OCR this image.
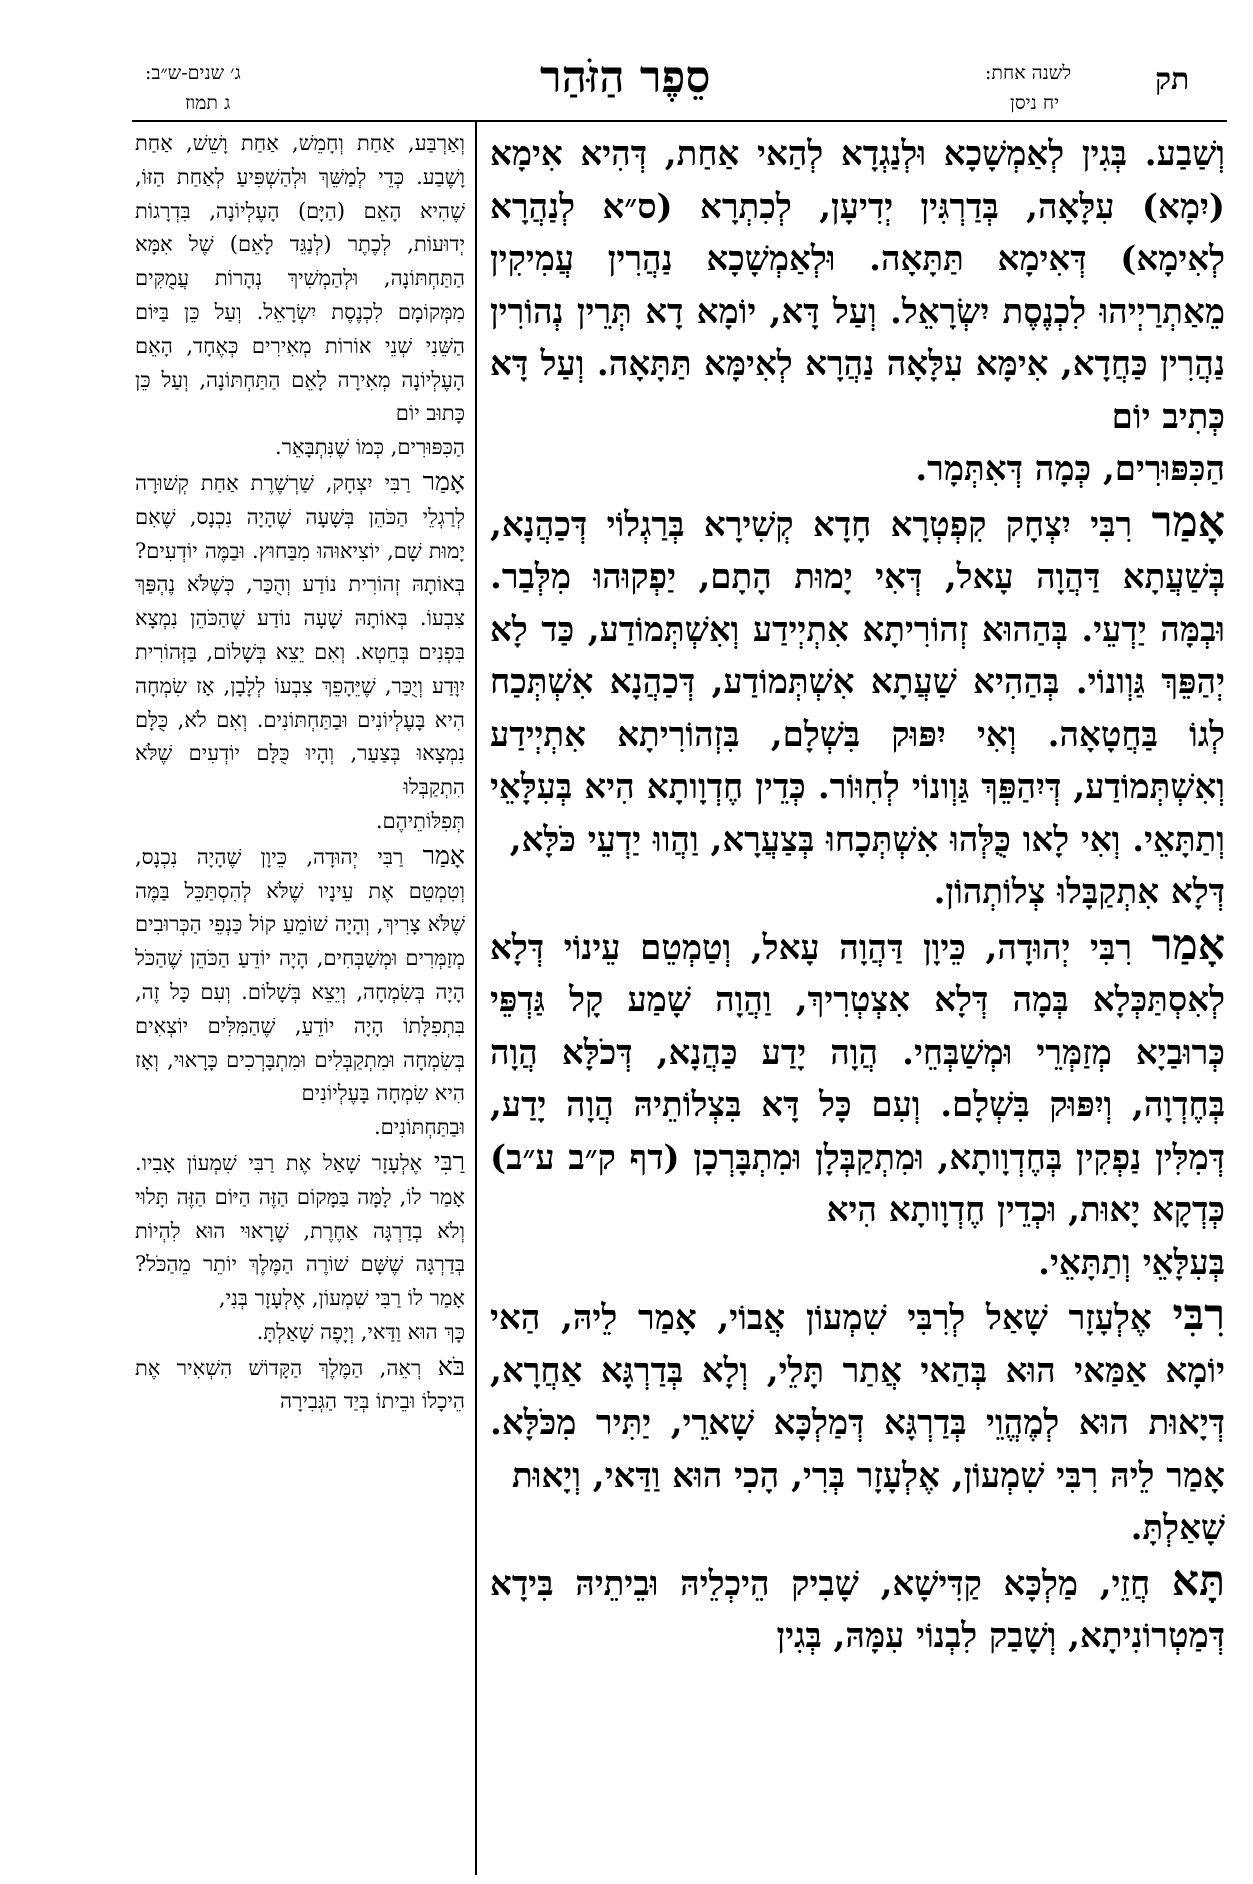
ג׳ שנים-ש״ב:
ג תמוז	סֵפֶר הַזֹּהַר	לשנה אחת:
יח ניסן
תק

וְשַׁבַע. בְּגִין לְאַמְשָׁכָא וּלְנַגְדָא לְהַאי אַחַת, דְּהִיא אִימָא (יִמָא) עִלָּאָה, בְּדַרְגִּין יְדִיעָן, לְכִתְרָא (ס״א לְנַהֲרָא לְאִימָא) דְּאִימָא תַּתָּאָה. וּלְאַמְשָׁכָא נַהֲרִין עֲמִיקִין מֵאַתְרַיְיהוּ לִכְנֶסֶת יִשְׂרָאֵל. וְעַל דָּא, יוֹמָא דָא תְּרֵין נְהוֹרִין נַהֲרִין כַּחֲדָא, אִימָּא עִלָּאָה נַהֲרָא לְאִימָּא תַּתָּאָה. וְעַל דָּא כְּתִיב יוֹם
הַכִּפּוּרִים, כְּמָה דְּאִתְּמָר.

אָמַר רִבִּי יִצְחָק קִפְטְרָא חָדָא קְשִׁירָא בְּרַגְלוֹי דְּכַהֲנָא, בְּשַׁעֲתָא דַּהֲוָה עָאל, דְּאִי יָמוּת הָתָם, יַפְקוּהוּ מִלְּבַר. וּבְמָּה יַדְעֵי. בְּהַהוּא זְהוֹרִיתָא אִתְיְידַע וְאִשְׁתְּמוֹדַע, כַּד לָא יְהַפֵּךְ גַּוְונוֹי. בְּהַהִיא שַׁעֲתָא אִשְׁתְּמוֹדַע, דְּכַהֲנָא אִשְׁתְּכַח לְגוֹ בַּחֲטָאָה. וְאִי יִפּוּק בִּשְׁלָם, בִּזְהוֹרִיתָא אִתְיְידַע וְאִשְׁתְּמוֹדַע, דְּיִהַפֵּךְ גַּוְונוֹי לְחִוּוֹר. כְּדֵין חֶדְוָותָא הִיא בְּעִלָּאֵי וְתַתָּאֵי. וְאִי לָאו כֻּלְּהוּ אִשְׁתְּכָחוּ בְּצַעֲרָא, וַהֲווּ יַדְעֵי כֹּלָּא,
דְּלָא אִתְקַבָּלוּ צְלוֹתְהוֹן.

אָמַר רִבִּי יְהוּדָה, כֵּיוָן דַּהֲוָה עָאל, וְטַמְטֵם עֵינוֹי דְּלָא לְאִסְתַּכְּלָא בְּמָה דְּלָא אִצְטְרִיךְ, וַהֲוָה שָׁמַע קָל גַּדְפֵּי כְּרוּבַיָא מְזַמְּרֵי וּמְשַׁבְּחֵי. הֲוָה יָדַע כַּהֲנָא, דְּכֹלָּא הֲוָה בְּחֶדְוָה, וְיִפּוּק בִּשְׁלָם. וְעִם כָּל דָּא בִּצְלוֹתֵיהּ הֲוָה יָדַע, דְּמִלִּין נַפְקִין בְּחֶדְוָותָא, וּמִתְקַבְּלָן וּמִתְבָּרְכָן (דף ק״ב ע״ב) כְּדְקָא יָאוּת, וּכְדֵין חֶדְוָותָא הִיא
בְּעִלָּאֵי וְתַתָּאֵי.

רִבִּי אֶלְעָזָר שָׁאַל לְרִבִּי שִׁמְעוֹן אֲבוֹי, אָמַר לֵיהּ, הַאי יוֹמָא אַמַּאי הוּא בְּהַאי אֲתַר תָּלֵי, וְלָא בְּדַרְגָּא אַחֲרָא, דְּיָאוּת הוּא לְמֶהֱוֵי בְּדַרְגָּא דְּמַלְכָּא שָׁארֵי, יַתִּיר מִכֹּלָּא. אָמַר לֵיהּ רִבִּי שִׁמְעוֹן, אֶלְעָזָר בְּרִי, הָכִי הוּא וַדַּאי, וְיָאוּת
שָׁאַלְתָּ.

תָּא חֲזֵי, מַלְכָּא קַדִּישָׁא, שָׁבִיק הֵיכְלֵיהּ וּבֵיתֵיהּ בִּידָא דְּמַטְרוֹנִיתָא, וְשָׁבַק לִבְנוֹי עִמָּהּ, בְּגִין

וְאַרְבַּע, אַחַת וְחָמֵשׁ, אַחַת וָשֵׁשׁ, אַחַת וָשֶׁבַע. כְּדֵי לְמַשֵּׁךְ וּלְהַשְׁפִּיעַ לְאַחַת הַזּוֹ, שֶׁהִיא הָאֵם (הַיָּם) הָעֶלְיוֹנָה, בִּדְרָגוֹת יְדוּעוֹת, לְכֶתֶר (לְנַגֵּד לָאֵם) שֶׁל אִמָּא הַתַּחְתּוֹנָה, וּלְהַמְשִׁיךְ נְהָרוֹת עֲמֻקִּים מִמְּקוֹמָם לִכְנֶסֶת יִשְׂרָאֵל. וְעַל כֵּן בַּיּוֹם הַשֵּׁנִי שְׁנֵי אוֹרוֹת מְאִירִים כְּאֶחָד, הָאֵם הָעֶלְיוֹנָה מְאִירָה לָאֵם הַתַּחְתּוֹנָה, וְעַל כֵּן כָּתוּב יוֹם
הַכִּפּוּרִים, כְּמוֹ שֶׁנִּתְבָּאֵר.

אָמַר רַבִּי יִצְחָק, שַׁרְשֶׁרֶת אַחַת קְשׁוּרָה לְרַגְלֵי הַכֹּהֵן בְּשָׁעָה שֶׁהָיָה נִכְנָס, שֶׁאִם יָמוּת שָׁם, יוֹצִיאוּהוּ מִבַּחוּץ. וּבַמֶּה יוֹדְעִים? בְּאוֹתָהּ זְהוֹרִית נוֹדַע וְהֻכַּר, כְּשֶׁלֹּא נֶהְפַּךְ צִבְעוֹ. בְּאוֹתָהּ שָׁעָה נוֹדַע שֶׁהַכֹּהֵן נִמְצָא בִּפְנִים בְּחֵטְא. וְאִם יֵצֵא בְּשָׁלוֹם, בַּזְּהוֹרִית יִוָּדַע וְיֻכַּר, שֶׁיֵּהָפֵךְ צִבְעוֹ לְלָבָן, אָז שִׂמְחָה הִיא בָּעֶלְיוֹנִים וּבַתַּחְתּוֹנִים. וְאִם לֹא, כֻּלָּם נִמְצָאוּ בְּצַעַר, וְהָיוּ כֻּלָּם יוֹדְעִים שֶׁלֹּא הִתְקַבְּלוּ
תְּפִלּוֹתֵיהֶם.

אָמַר רַבִּי יְהוּדָה, כֵּיוָן שֶׁהָיָה נִכְנָס, וְטִמְטֵם אֶת עֵינָיו שֶׁלֹּא לְהִסְתַּכֵּל בַּמֶּה שֶׁלֹּא צָרִיךְ, וְהָיָה שׁוֹמֵעַ קוֹל כַּנְפֵי הַכְּרוּבִים מְזַמְּרִים וּמְשַׁבְּחִים, הָיָה יוֹדֵעַ הַכֹּהֵן שֶׁהַכֹּל הָיָה בְּשִׂמְחָה, וְיֵצֵא בְּשָׁלוֹם. וְעִם כָּל זֶה, בִּתְפִלָּתוֹ הָיָה יוֹדֵעַ, שֶׁהַמִּלִּים יוֹצְאִים בְּשִׂמְחָה וּמִתְקַבְּלִים וּמִתְבָּרְכִים כָּרָאוּי, וְאָז הִיא שִׂמְחָה בָּעֶלְיוֹנִים
וּבַתַּחְתּוֹנִים.

רַבִּי אֶלְעָזָר שָׁאַל אֶת רַבִּי שִׁמְעוֹן אָבִיו. אָמַר לוֹ, לָמָּה בַּמָּקוֹם הַזֶּה הַיּוֹם הַזֶּה תָּלוּי וְלֹא בְדַרְגָּה אַחֶרֶת, שֶׁרָאוּי הוּא לִהְיוֹת בְּדַרְגָּה שֶׁשָּׁם שׁוֹרֶה הַמֶּלֶךְ יוֹתֵר מֵהַכֹּל? אָמַר לוֹ רַבִּי שִׁמְעוֹן, אֶלְעָזָר בְּנִי,
כָּךְ הוּא וַדַּאי, וְיָפֶה שָׁאַלְתָּ.

בֹּא רְאֵה, הַמֶּלֶךְ הַקָּדוֹשׁ הִשְׁאִיר אֶת הֵיכָלוֹ וּבֵיתוֹ בְּיַד הַגְּבִירָה
